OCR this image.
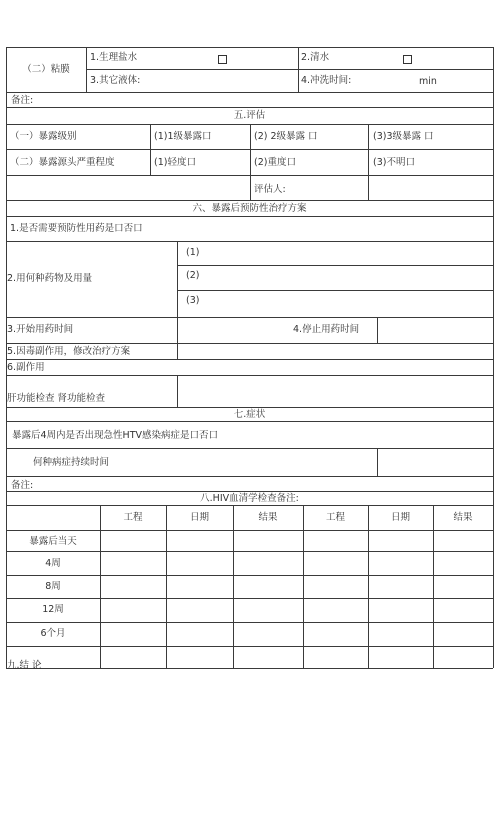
（二）粘膜
1.生理盐水	2.清水
3.其它液体:	4.冲洗时间:	min
备注:
五.评估
（一）暴露级别	(1)1级暴露口	(2) 2级暴露 口	(3)3级暴露 口
（二）暴露源头严重程度	(1)轻度口	(2)重度口	(3)不明口
评估人:
六、暴露后预防性治疗方案
1.是否需要预防性用药是口否口
2.用何种药物及用量
(1)
(2)
(3)
3.开始用药时间	4.停止用药时间
5.因毒副作用，修改治疗方案
6.副作用
肝功能检查 肾功能检查
七.症状
暴露后4周内是否出现急性HTV感染病症是口否口
何种病症持续时间
备注:
八.HIV血清学检查备注:
工程	日期	结果	工程	日期	结果
暴露后当天
4周
8周
12周
6个月
九.结 论
